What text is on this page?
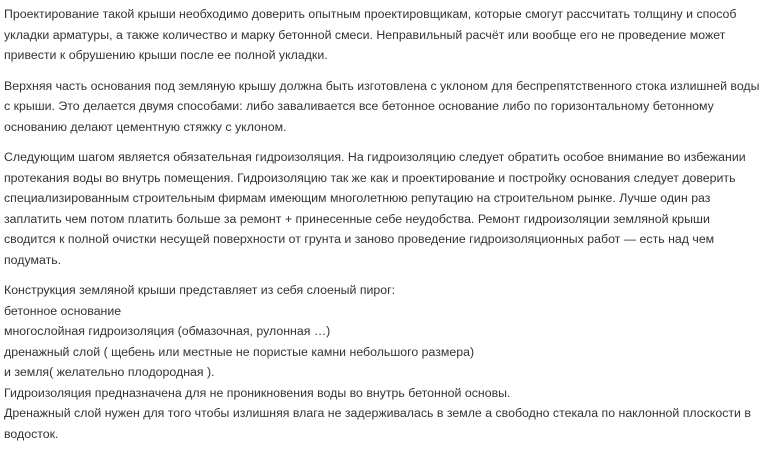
Проектирование такой крыши необходимо доверить опытным проектировщикам, которые смогут рассчитать толщину и способ
укладки арматуры, а также количество и марку бетонной смеси. Неправильный расчёт или вообще его не проведение может
привести к обрушению крыши после ее полной укладки.

Верхняя часть основания под земляную крышу должна быть изготовлена с уклоном для беспрепятственного стока излишней воды
с крыши. Это делается двумя способами: либо заваливается все бетонное основание либо по горизонтальному бетонному
основанию делают цементную стяжку с уклоном.

Следующим шагом является обязательная гидроизоляция. На гидроизоляцию следует обратить особое внимание во избежании
протекания воды во внутрь помещения. Гидроизоляцию так же как и проектирование и постройку основания следует доверить
специализированным строительным фирмам имеющим многолетнюю репутацию на строительном рынке. Лучше один раз
заплатить чем потом платить больше за ремонт + принесенные себе неудобства. Ремонт гидроизоляции земляной крыши
сводится к полной очистки несущей поверхности от грунта и заново проведение гидроизоляционных работ — есть над чем
подумать.

Конструкция земляной крыши представляет из себя слоеный пирог:
бетонное основание
многослойная гидроизоляция (обмазочная, рулонная …)
дренажный слой ( щебень или местные не пористые камни небольшого размера)
и земля( желательно плодородная ).
Гидроизоляция предназначена для не проникновения воды во внутрь бетонной основы.
Дренажный слой нужен для того чтобы излишняя влага не задерживалась в земле а свободно стекала по наклонной плоскости в
водосток.
